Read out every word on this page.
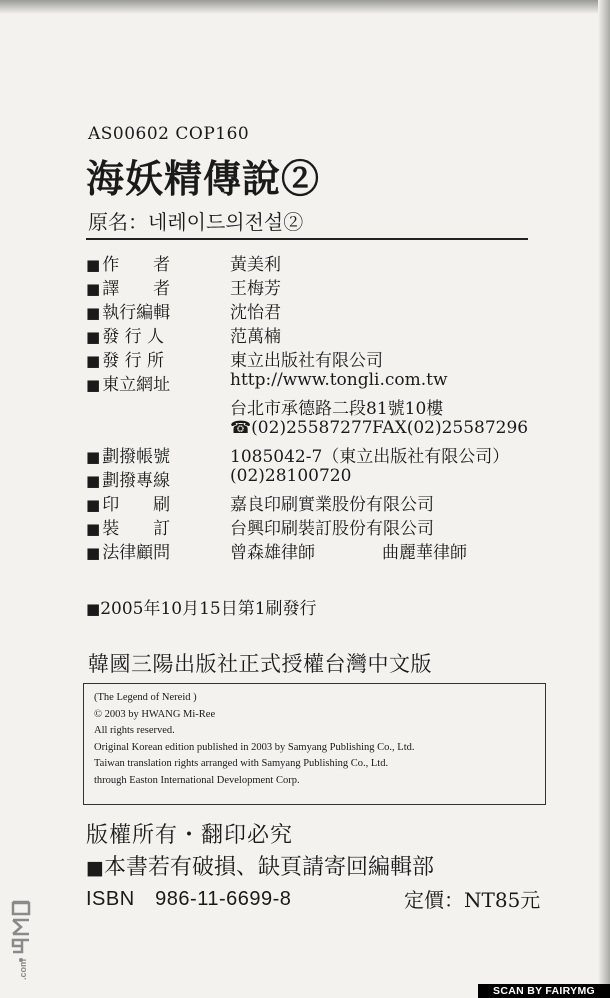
AS00602 COP160
海妖精傳說②
原名：네레이드의전설②
■ 作　　者	黃美利
■ 譯　　者	王梅芳
■ 執行編輯	沈怡君
■ 發 行 人	范萬楠
■ 發 行 所	東立出版社有限公司
■ 東立網址	http://www.tongli.com.tw
台北市承德路二段81號10樓
☎(02)25587277 FAX(02)25587296
■ 劃撥帳號	1085042-7（東立出版社有限公司）
■ 劃撥專線	(02)28100720
■ 印　　刷	嘉良印刷實業股份有限公司
■ 裝　　訂	台興印刷裝訂股份有限公司
■ 法律顧問	曾森雄律師	曲麗華律師
■ 2005年10月15日第1刷發行
韓國三陽出版社正式授權台灣中文版
(The Legend of Nereid )
© 2003 by HWANG Mi-Ree
All rights reserved.
Original Korean edition published in 2003 by Samyang Publishing Co., Ltd.
Taiwan translation rights arranged with Samyang Publishing Co., Ltd.
through Easton International Development Corp.
版權所有・翻印必究
■ 本書若有破損、缺頁請寄回編輯部
ISBN　986-11-6699-8	定價：NT85元
.com
SCAN BY FAIRYMG
